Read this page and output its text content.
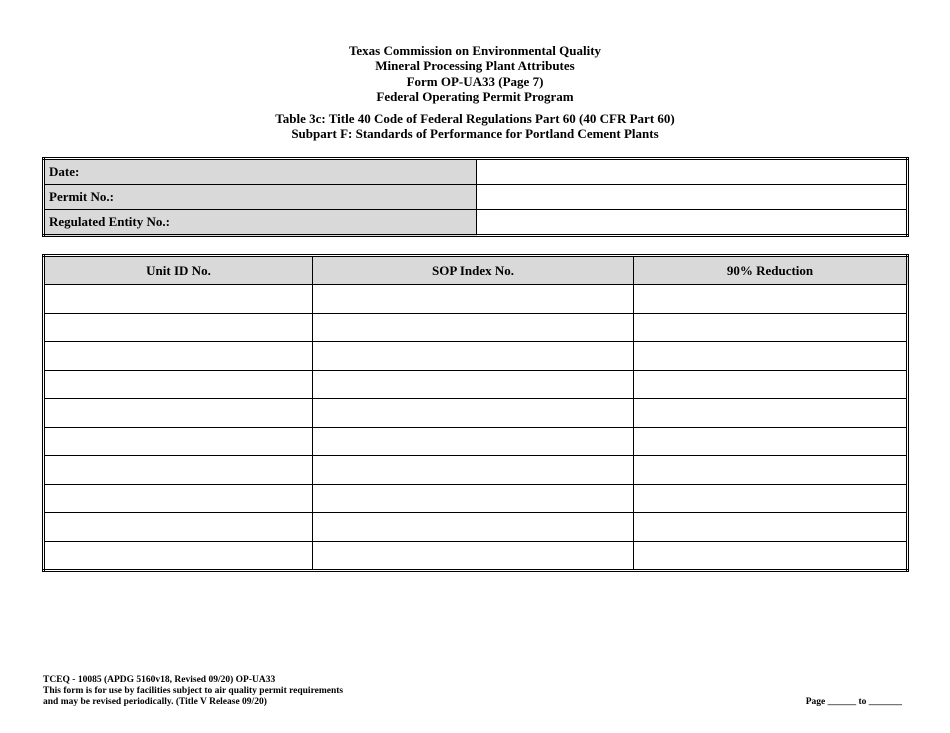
Texas Commission on Environmental Quality
Mineral Processing Plant Attributes
Form OP-UA33 (Page 7)
Federal Operating Permit Program
Table 3c: Title 40 Code of Federal Regulations Part 60 (40 CFR Part 60)
Subpart F: Standards of Performance for Portland Cement Plants
Date:	
Permit No.:	
Regulated Entity No.:	
Unit ID No.	SOP Index No.	90% Reduction

TCEQ - 10085 (APDG 5160v18, Revised 09/20) OP-UA33
This form is for use by facilities subject to air quality permit requirements
and may be revised periodically. (Title V Release 09/20)	Page ______ to _______
